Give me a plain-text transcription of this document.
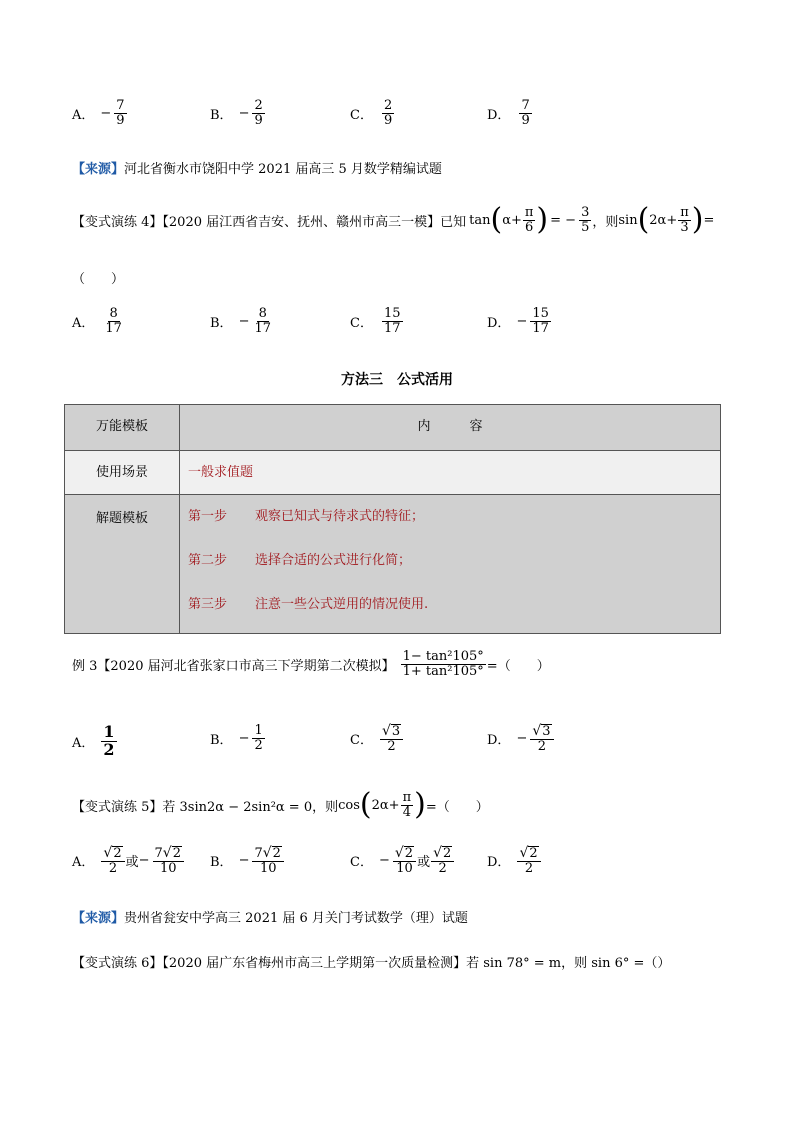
A． − $\frac{7}{9}$	B． − $\frac{2}{9}$	C． $\frac{2}{9}$	D． $\frac{7}{9}$
【来源】河北省衡水市饶阳中学 2021 届高三 5 月数学精编试题
【变式演练 4】【2020 届江西省吉安、抚州、赣州市高三一模】已知 tan ( $\alpha+ \frac{\pi}{6}$ ) = − $\frac{3}{5}$ ，则 sin ( $2\alpha+ \frac{\pi}{3}$ ) =
（　　）
A． $\frac{8}{17}$	B． − $\frac{8}{17}$	C． $\frac{15}{17}$	D． − $\frac{15}{17}$
方法三　公式活用
万能模板	内　　　容
使用场景	一般求值题
解题模板	第一步 观察已知式与待求式的特征；
第二步 选择合适的公式进行化简；
第三步 注意一些公式逆用的情况使用.
例 3【2020 届河北省张家口市高三下学期第二次模拟】 $\frac{\text{1− tan²105°}}{\text{1+ tan²105°}}$ =（　　）
A． $\frac{1}{2}$	B． − $\frac{1}{2}$	C． $\frac{√ 3}{2}$	D． − $\frac{√ 3}{2}$
【变式演练 5】若 3sin2α − 2sin²α = 0，则 cos ( $2\alpha+ \frac{\pi}{4}$ ) =（　　）
A． $\frac{√ 2}{2}$ 或 − $\frac{7 √ 2}{10}$ B． − $\frac{7 √ 2}{10}$	C． − $\frac{√ 2}{10}$ 或 $\frac{√ 2}{2}$	D． $\frac{√ 2}{2}$
【来源】贵州省瓮安中学高三 2021 届 6 月关门考试数学（理）试题
【变式演练 6】【2020 届广东省梅州市高三上学期第一次质量检测】若 sin 78° = m，则 sin 6° =（）
